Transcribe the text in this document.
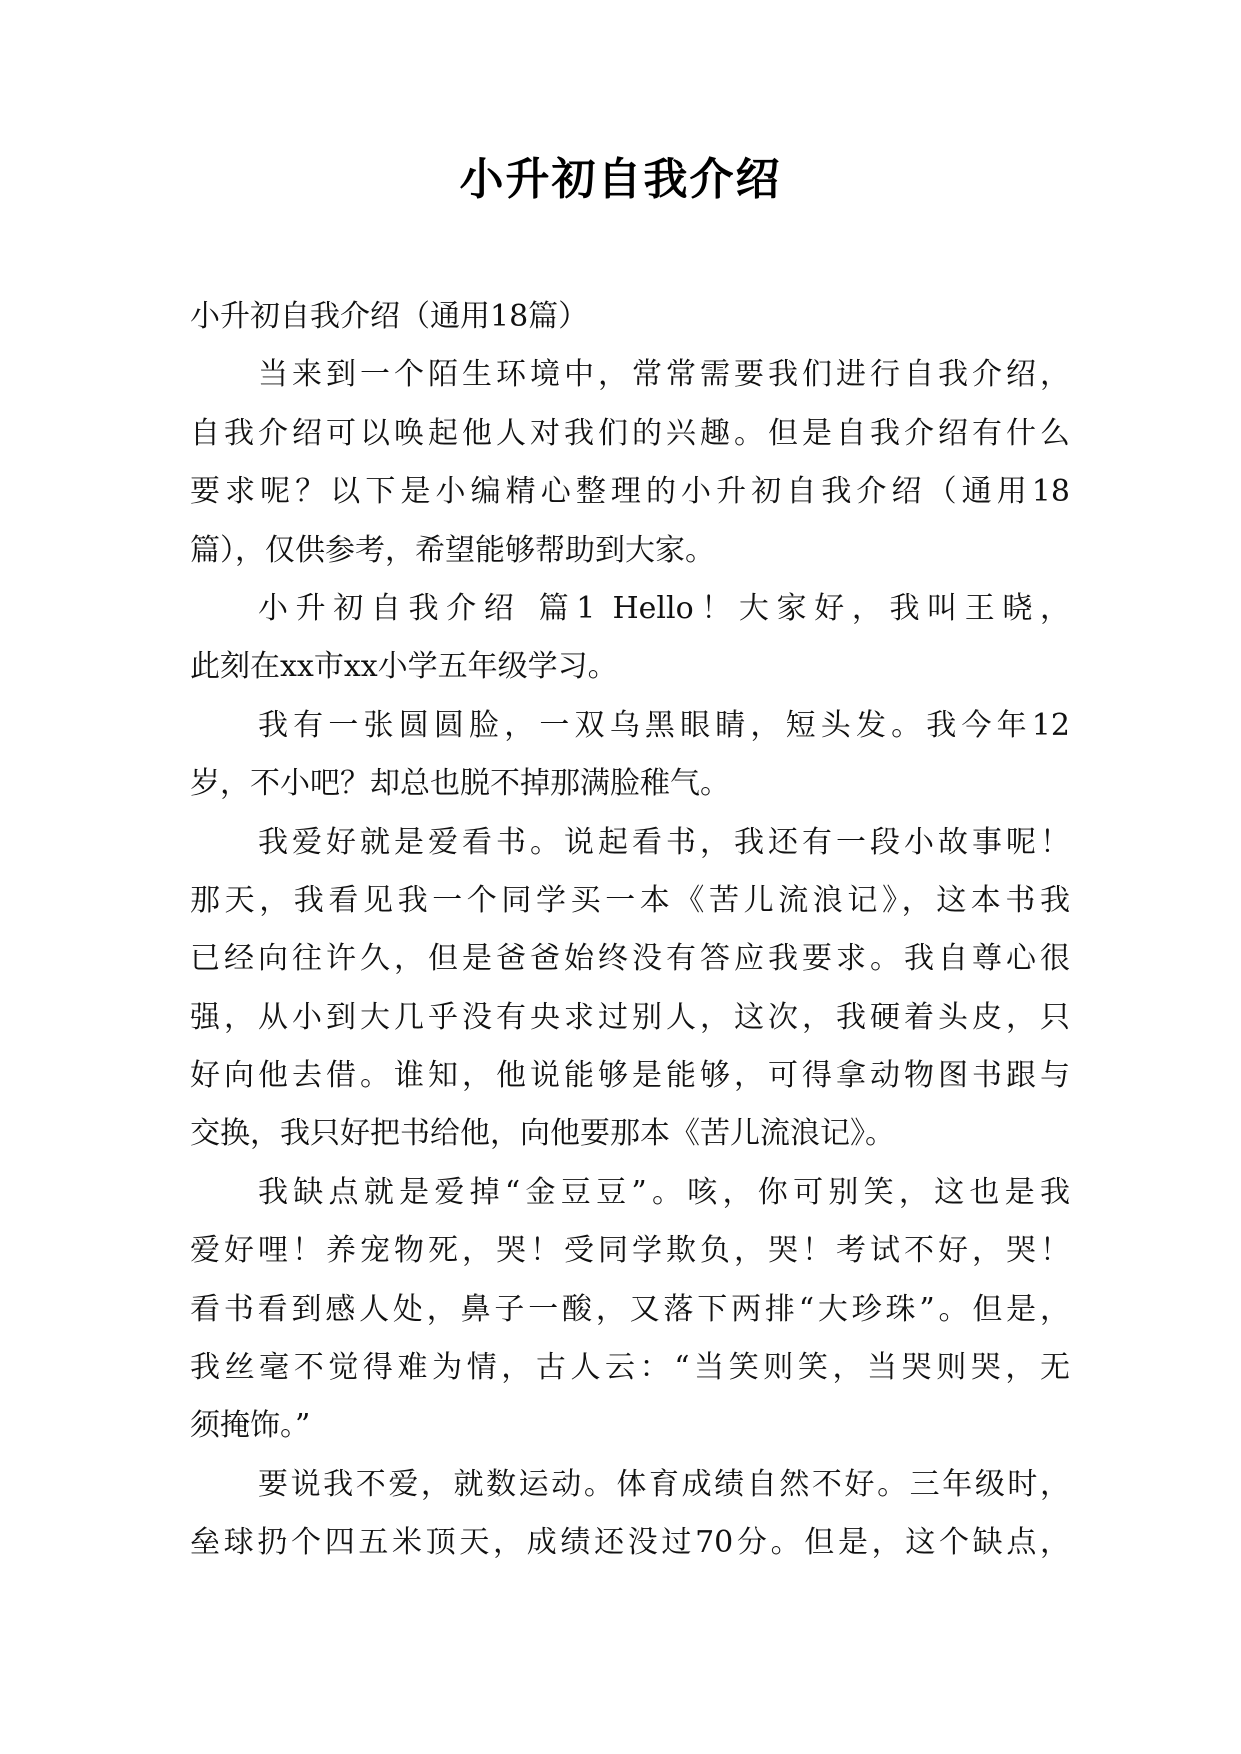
小升初自我介绍
小升初自我介绍（通用18篇）
当来到一个陌生环境中，常常需要我们进行自我介绍，
自我介绍可以唤起他人对我们的兴趣。但是自我介绍有什么
要求呢？以下是小编精心整理的小升初自我介绍（通用18
篇），仅供参考，希望能够帮助到大家。
小升初自我介绍 篇1 Hello！大家好，我叫王晓，
此刻在xx市xx小学五年级学习。
我有一张圆圆脸，一双乌黑眼睛，短头发。我今年12
岁，不小吧？却总也脱不掉那满脸稚气。
我爱好就是爱看书。说起看书，我还有一段小故事呢！
那天，我看见我一个同学买一本《苦儿流浪记》，这本书我
已经向往许久，但是爸爸始终没有答应我要求。我自尊心很
强，从小到大几乎没有央求过别人，这次，我硬着头皮，只
好向他去借。谁知，他说能够是能够，可得拿动物图书跟与
交换，我只好把书给他，向他要那本《苦儿流浪记》。
我缺点就是爱掉“金豆豆”。咳，你可别笑，这也是我
爱好哩！养宠物死，哭！受同学欺负，哭！考试不好，哭！
看书看到感人处，鼻子一酸，又落下两排“大珍珠”。但是，
我丝毫不觉得难为情，古人云：“当笑则笑，当哭则哭，无
须掩饰。”
要说我不爱，就数运动。体育成绩自然不好。三年级时，
垒球扔个四五米顶天，成绩还没过70分。但是，这个缺点，
